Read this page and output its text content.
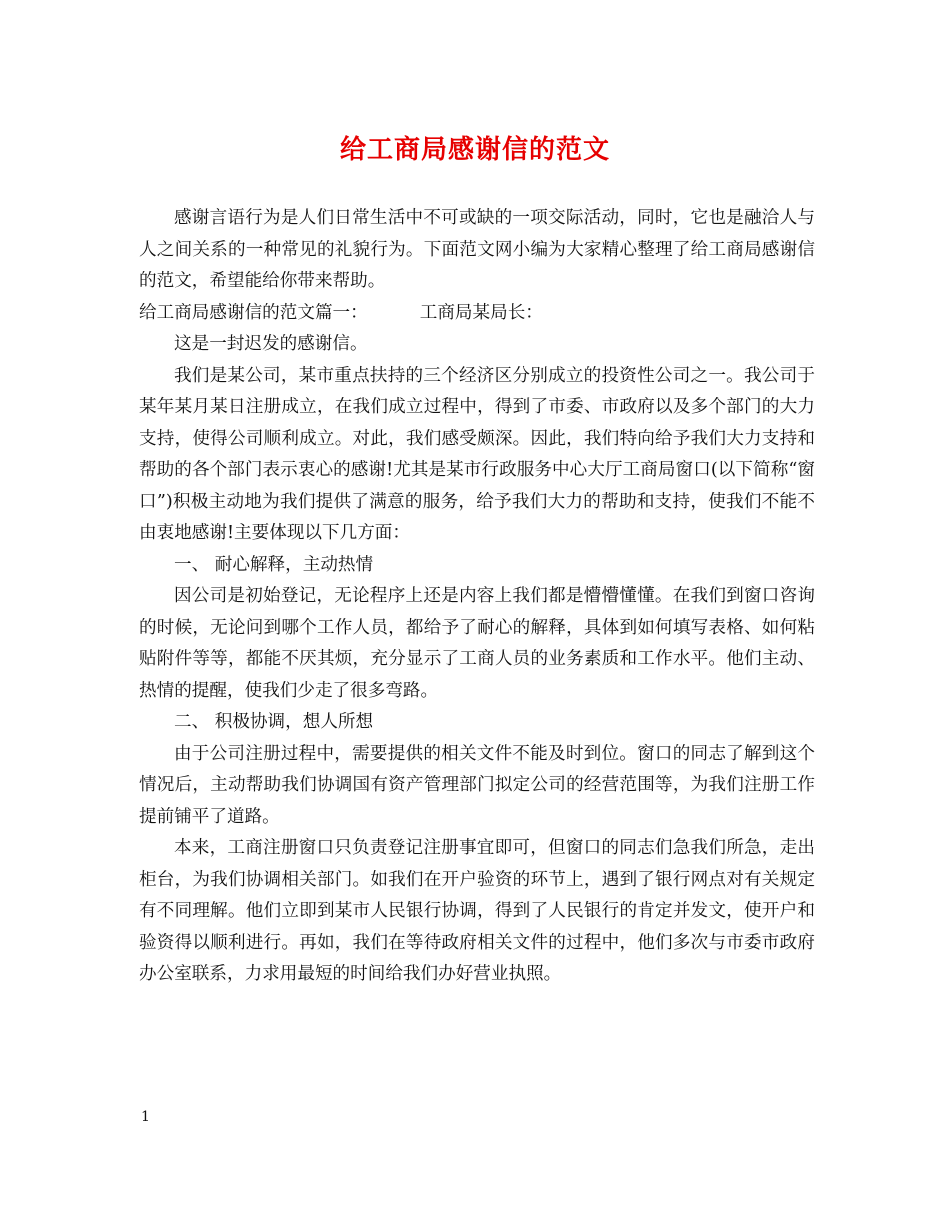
给工商局感谢信的范文

感谢言语行为是人们日常生活中不可或缺的一项交际活动，同时，它也是融洽人与人之间关系的一种常见的礼貌行为。下面范文网小编为大家精心整理了给工商局感谢信的范文，希望能给你带来帮助。

给工商局感谢信的范文篇一：	工商局某局长：

这是一封迟发的感谢信。

我们是某公司，某市重点扶持的三个经济区分别成立的投资性公司之一。我公司于某年某月某日注册成立，在我们成立过程中，得到了市委、市政府以及多个部门的大力支持，使得公司顺利成立。对此，我们感受颇深。因此，我们特向给予我们大力支持和帮助的各个部门表示衷心的感谢!尤其是某市行政服务中心大厅工商局窗口(以下简称“窗口”)积极主动地为我们提供了满意的服务，给予我们大力的帮助和支持，使我们不能不由衷地感谢!主要体现以下几方面：

一、 耐心解释，主动热情

因公司是初始登记，无论程序上还是内容上我们都是懵懵懂懂。在我们到窗口咨询的时候，无论问到哪个工作人员，都给予了耐心的解释，具体到如何填写表格、如何粘贴附件等等，都能不厌其烦，充分显示了工商人员的业务素质和工作水平。他们主动、热情的提醒，使我们少走了很多弯路。

二、 积极协调，想人所想

由于公司注册过程中，需要提供的相关文件不能及时到位。窗口的同志了解到这个情况后，主动帮助我们协调国有资产管理部门拟定公司的经营范围等，为我们注册工作提前铺平了道路。

本来，工商注册窗口只负责登记注册事宜即可，但窗口的同志们急我们所急，走出柜台，为我们协调相关部门。如我们在开户验资的环节上，遇到了银行网点对有关规定有不同理解。他们立即到某市人民银行协调，得到了人民银行的肯定并发文，使开户和验资得以顺利进行。再如，我们在等待政府相关文件的过程中，他们多次与市委市政府办公室联系，力求用最短的时间给我们办好营业执照。

1
